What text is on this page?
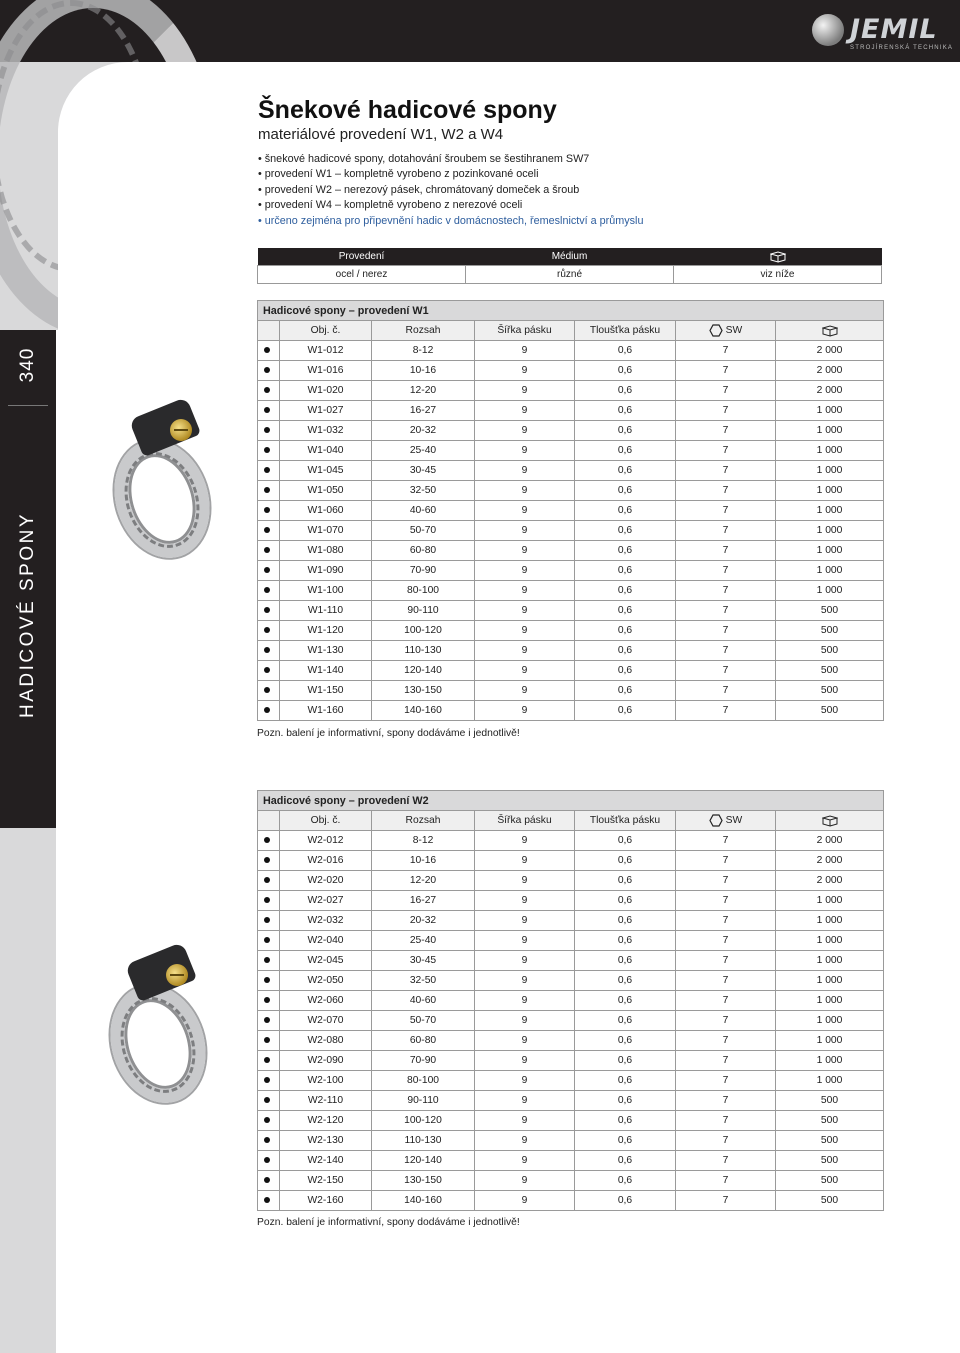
340
HADICOVÉ SPONY
JEMIL
STROJÍRENSKÁ TECHNIKA
Šnekové hadicové spony
materiálové provedení W1, W2 a W4
• šnekové hadicové spony, dotahování šroubem se šestihranem SW7
• provedení W1 – kompletně vyrobeno z pozinkované oceli
• provedení W2 – nerezový pásek, chromátovaný domeček a šroub
• provedení W4 – kompletně vyrobeno z nerezové oceli
• určeno zejména pro připevnění hadic v domácnostech, řemeslnictví a průmyslu
Provedení	Médium	
ocel / nerez	různé	viz níže
Hadicové spony – provedení W1						
	Obj. č.	Rozsah	Šířka pásku	Tloušťka pásku	SW	
	W1-012	8-12	9	0,6	7	2 000
	W1-016	10-16	9	0,6	7	2 000
	W1-020	12-20	9	0,6	7	2 000
	W1-027	16-27	9	0,6	7	1 000
	W1-032	20-32	9	0,6	7	1 000
	W1-040	25-40	9	0,6	7	1 000
	W1-045	30-45	9	0,6	7	1 000
	W1-050	32-50	9	0,6	7	1 000
	W1-060	40-60	9	0,6	7	1 000
	W1-070	50-70	9	0,6	7	1 000
	W1-080	60-80	9	0,6	7	1 000
	W1-090	70-90	9	0,6	7	1 000
	W1-100	80-100	9	0,6	7	1 000
	W1-110	90-110	9	0,6	7	500
	W1-120	100-120	9	0,6	7	500
	W1-130	110-130	9	0,6	7	500
	W1-140	120-140	9	0,6	7	500
	W1-150	130-150	9	0,6	7	500
	W1-160	140-160	9	0,6	7	500
Pozn. balení je informativní, spony dodáváme i jednotlivě!
Hadicové spony – provedení W2						
	Obj. č.	Rozsah	Šířka pásku	Tloušťka pásku	SW	
	W2-012	8-12	9	0,6	7	2 000
	W2-016	10-16	9	0,6	7	2 000
	W2-020	12-20	9	0,6	7	2 000
	W2-027	16-27	9	0,6	7	1 000
	W2-032	20-32	9	0,6	7	1 000
	W2-040	25-40	9	0,6	7	1 000
	W2-045	30-45	9	0,6	7	1 000
	W2-050	32-50	9	0,6	7	1 000
	W2-060	40-60	9	0,6	7	1 000
	W2-070	50-70	9	0,6	7	1 000
	W2-080	60-80	9	0,6	7	1 000
	W2-090	70-90	9	0,6	7	1 000
	W2-100	80-100	9	0,6	7	1 000
	W2-110	90-110	9	0,6	7	500
	W2-120	100-120	9	0,6	7	500
	W2-130	110-130	9	0,6	7	500
	W2-140	120-140	9	0,6	7	500
	W2-150	130-150	9	0,6	7	500
	W2-160	140-160	9	0,6	7	500
Pozn. balení je informativní, spony dodáváme i jednotlivě!
